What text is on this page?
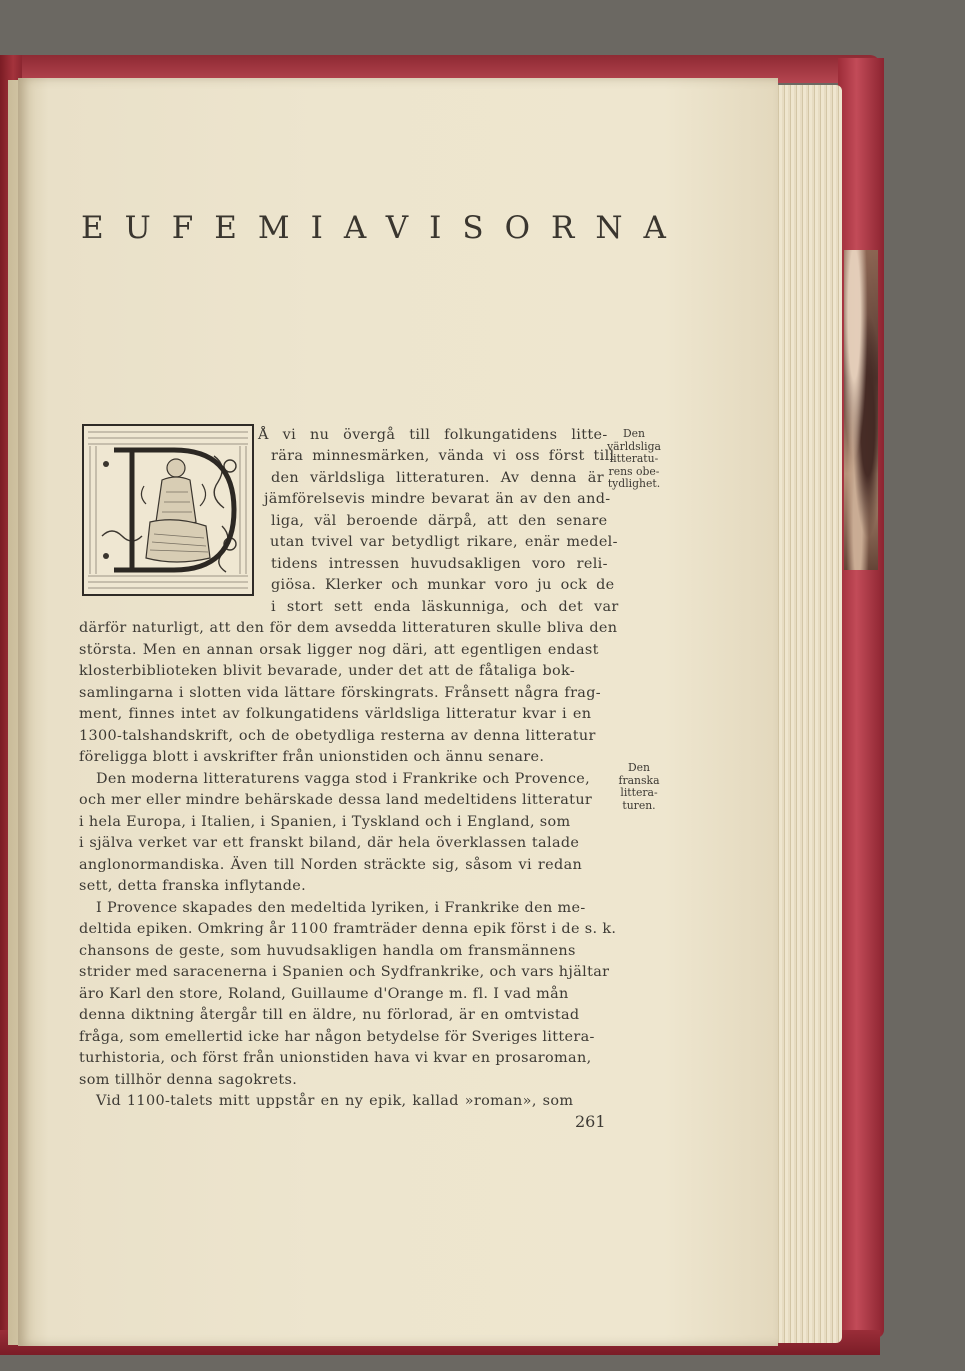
EUFEMIAVISORNA
Å vi nu övergå till folkungatidens litte-
rära minnesmärken, vända vi oss först till
den världsliga litteraturen. Av denna är
jämförelsevis mindre bevarat än av den and-
liga, väl beroende därpå, att den senare
utan tvivel var betydligt rikare, enär medel-
tidens intressen huvudsakligen voro reli-
giösa. Klerker och munkar voro ju ock de
i stort sett enda läskunniga, och det var
därför naturligt, att den för dem avsedda litteraturen skulle bliva den
största. Men en annan orsak ligger nog däri, att egentligen endast
klosterbiblioteken blivit bevarade, under det att de fåtaliga bok-
samlingarna i slotten vida lättare förskingrats. Frånsett några frag-
ment, finnes intet av folkungatidens världsliga litteratur kvar i en
1300-talshandskrift, och de obetydliga resterna av denna litteratur
föreligga blott i avskrifter från unionstiden och ännu senare.
Den moderna litteraturens vagga stod i Frankrike och Provence,
och mer eller mindre behärskade dessa land medeltidens litteratur
i hela Europa, i Italien, i Spanien, i Tyskland och i England, som
i själva verket var ett franskt biland, där hela överklassen talade
anglonormandiska. Även till Norden sträckte sig, såsom vi redan
sett, detta franska inflytande.
I Provence skapades den medeltida lyriken, i Frankrike den me-
deltida epiken. Omkring år 1100 framträder denna epik först i de s. k.
chansons de geste, som huvudsakligen handla om fransmännens
strider med saracenerna i Spanien och Sydfrankrike, och vars hjältar
äro Karl den store, Roland, Guillaume d'Orange m. fl. I vad mån
denna diktning återgår till en äldre, nu förlorad, är en omtvistad
fråga, som emellertid icke har någon betydelse för Sveriges littera-
turhistoria, och först från unionstiden hava vi kvar en prosaroman,
som tillhör denna sagokrets.
Vid 1100-talets mitt uppstår en ny epik, kallad »roman», som
Den
världsliga
litteratu-
rens obe-
tydlighet.
Den
franska
littera-
turen.
261
